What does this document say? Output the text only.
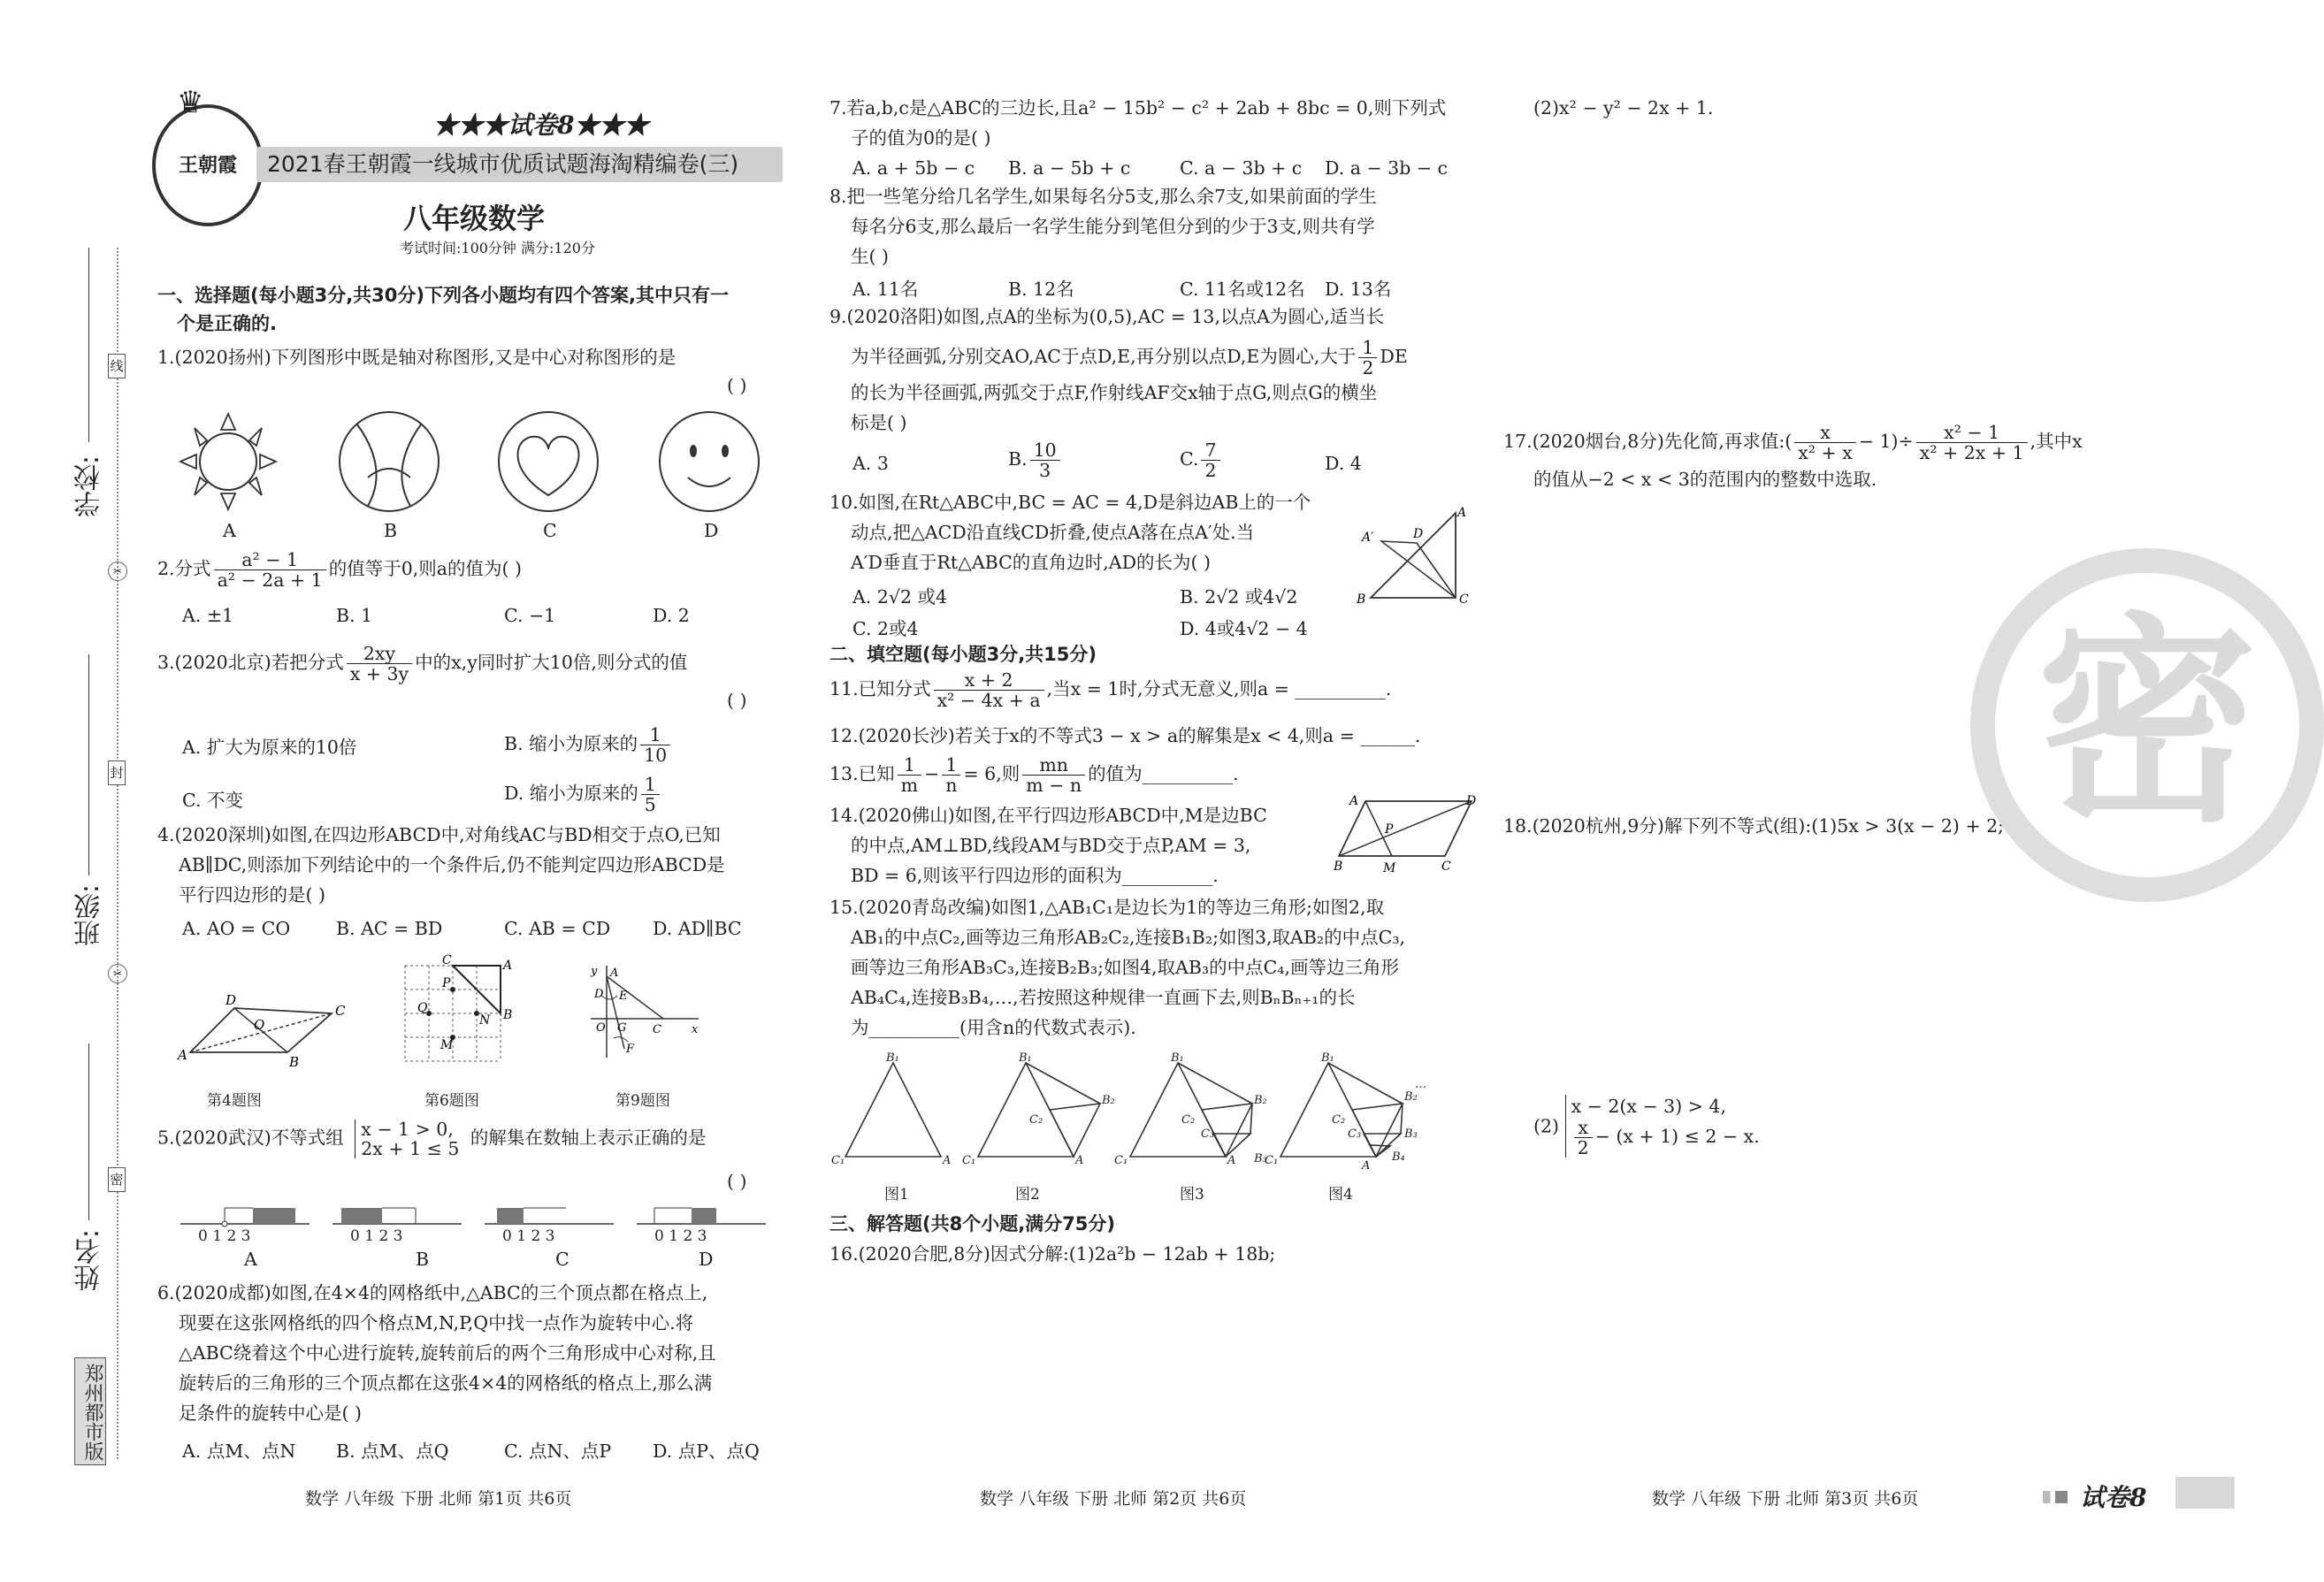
学校:
班级:
姓名:
线
封
密
✂
✂
郑州都市版
王朝霞
♛
★★★试卷8★★★
2021春王朝霞一线城市优质试题海淘精编卷(三)
八年级数学
考试时间:100分钟 满分:120分
一、选择题(每小题3分,共30分)下列各小题均有四个答案,其中只有一
个是正确的.
1.(2020扬州)下列图形中既是轴对称图形,又是中心对称图形的是
( )
A	B	C	D
2.分式 $\frac{\text{a² − 1}}{\text{a² − 2a + 1}}$ 的值等于0,则a的值为( )
A. ±1	B. 1	C. −1	D. 2
3.(2020北京)若把分式 $\frac{2xy}{x + 3y}$ 中的x,y同时扩大10倍,则分式的值
( )
A. 扩大为原来的10倍	B. 缩小为原来的 $\frac{1}{10}$
C. 不变	D. 缩小为原来的 $\frac{1}{5}$
4.(2020深圳)如图,在四边形ABCD中,对角线AC与BD相交于点O,已知
AB∥DC,则添加下列结论中的一个条件后,仍不能判定四边形ABCD是
平行四边形的是( )
A. AO = CO	B. AC = BD	C. AB = CD D. AD∥BC
A
D
C
B
O
C	A
B
P
N
Q
M
y A
E
D
O G C	x
F
第4题图	第6题图	第9题图
5.(2020武汉)不等式组 x − 1 > 0,
2x + 1 ≤ 5
的解集在数轴上表示正确的是
( )
0 1 2 3	0 1 2 3	0 1 2 3	0 1 2 3
A	B	C	D
6.(2020成都)如图,在4×4的网格纸中,△ABC的三个顶点都在格点上,
现要在这张网格纸的四个格点M,N,P,Q中找一点作为旋转中心.将
△ABC绕着这个中心进行旋转,旋转前后的两个三角形成中心对称,且
旋转后的三角形的三个顶点都在这张4×4的网格纸的格点上,那么满
足条件的旋转中心是( )
A. 点M、点N B. 点M、点Q	C. 点N、点P D. 点P、点Q
7.若a,b,c是△ABC的三边长,且a² − 15b² − c² + 2ab + 8bc = 0,则下列式
子的值为0的是( )
A. a + 5b − c B. a − 5b + c	C. a − 3b + c D. a − 3b − c
8.把一些笔分给几名学生,如果每名分5支,那么余7支,如果前面的学生
每名分6支,那么最后一名学生能分到笔但分到的少于3支,则共有学
生( )
A. 11名	B. 12名	C. 11名或12名 D. 13名
9.(2020洛阳)如图,点A的坐标为(0,5),AC = 13,以点A为圆心,适当长
为半径画弧,分别交AO,AC于点D,E,再分别以点D,E为圆心,大于 $\frac{1}{2}$ DE
的长为半径画弧,两弧交于点F,作射线AF交x轴于点G,则点G的横坐
标是( )
A. 3	B. $\frac{10}{3}$	C. $\frac{7}{2}$	D. 4
10.如图,在Rt△ABC中,BC = AC = 4,D是斜边AB上的一个
动点,把△ACD沿直线CD折叠,使点A落在点A′处.当
A′D垂直于Rt△ABC的直角边时,AD的长为( )
A. 2√2 或4	B. 2√2 或4√2
C. 2或4	D. 4或4√2 − 4
A
B	C
D
A′
二、填空题(每小题3分,共15分)
11.已知分式 $\frac{x + 2}{\text{x² − 4x + a}}$ ,当x = 1时,分式无意义,则a = __________.
12.(2020长沙)若关于x的不等式3 − x > a的解集是x < 4,则a = ______.
13.已知 $\frac{1}{m} - \frac{1}{n} = 6$,则 $\frac{mn}{m - n}$ 的值为__________.
14.(2020佛山)如图,在平行四边形ABCD中,M是边BC
的中点,AM⊥BD,线段AM与BD交于点P,AM = 3,
BD = 6,则该平行四边形的面积为__________.
A	D
B	C
M
P
15.(2020青岛改编)如图1,△AB₁C₁是边长为1的等边三角形;如图2,取
AB₁的中点C₂,画等边三角形AB₂C₂,连接B₁B₂;如图3,取AB₂的中点C₃,
画等边三角形AB₃C₃,连接B₂B₃;如图4,取AB₃的中点C₄,画等边三角形
AB₄C₄,连接B₃B₄,…,若按照这种规律一直画下去,则BₙBₙ₊₁的长
为__________(用含n的代数式表示).
B₁
C₁	A
B₁
C₁	A
B₂
C₂
B₁
C₁	A
B₂
C₂
B₃
C₃
B₁
C₁	A
B₂
C₂
B₃
C₃
B₄
…
图1	图2	图3	图4
三、解答题(共8个小题,满分75分)
16.(2020合肥,8分)因式分解:(1)2a²b − 12ab + 18b;
(2)x² − y² − 2x + 1.
17.(2020烟台,8分)先化简,再求值:( $\frac{x}{\text{x² + x}} - 1)\div \frac{\text{x² − 1}}{\text{x² + 2x + 1}}$ ,其中x
的值从−2 < x < 3的范围内的整数中选取.
18.(2020杭州,9分)解下列不等式(组):(1)5x > 3(x − 2) + 2;
(2)
x − 2(x − 3) > 4,
$\frac{x}{2} - (x + 1) \le 2 - x$.
密
数学 八年级 下册 北师 第1页 共6页	数学 八年级 下册 北师 第2页 共6页	数学 八年级 下册 北师 第3页 共6页	试卷8
